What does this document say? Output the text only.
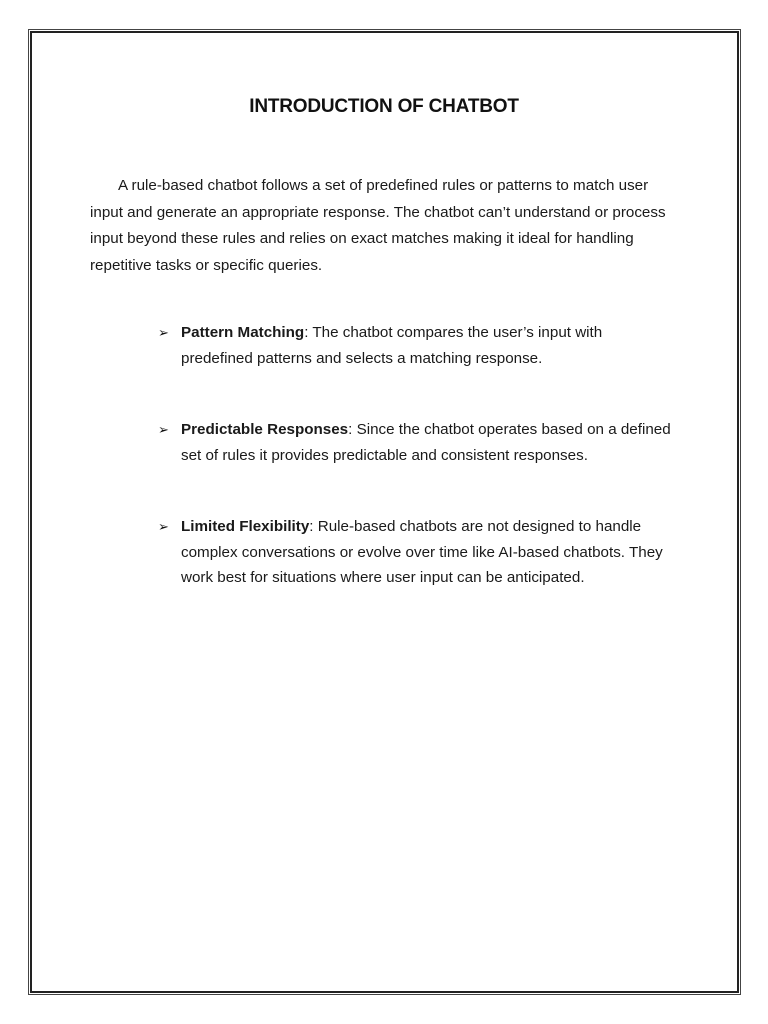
INTRODUCTION OF CHATBOT

A rule-based chatbot follows a set of predefined rules or patterns to match user input and generate an appropriate response. The chatbot can’t understand or process input beyond these rules and relies on exact matches making it ideal for handling repetitive tasks or specific queries.

➢ Pattern Matching: The chatbot compares the user’s input with predefined patterns and selects a matching response.
➢ Predictable Responses: Since the chatbot operates based on a defined set of rules it provides predictable and consistent responses.
➢ Limited Flexibility: Rule-based chatbots are not designed to handle complex conversations or evolve over time like AI-based chatbots. They work best for situations where user input can be anticipated.
